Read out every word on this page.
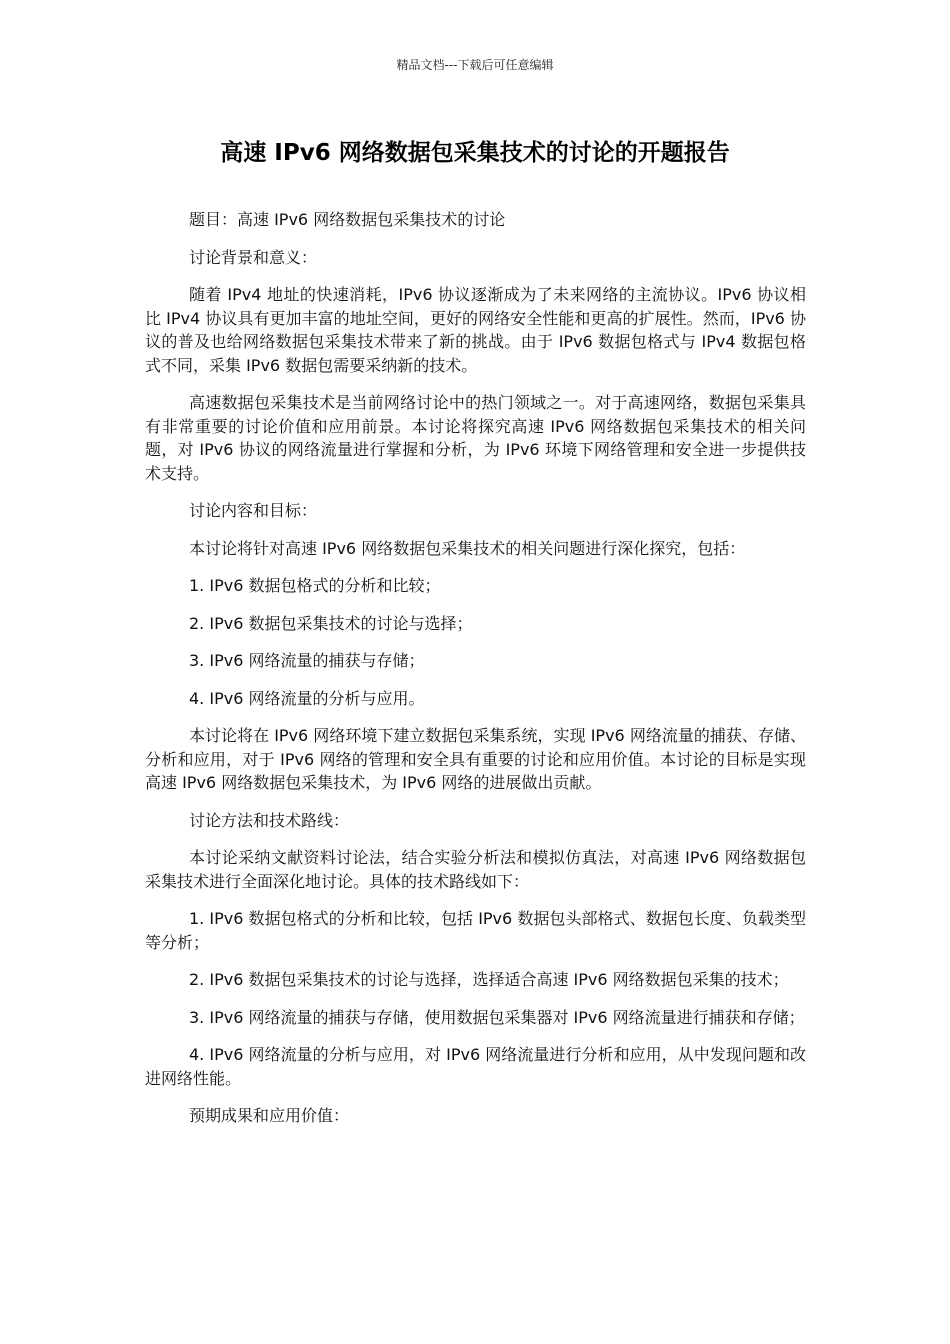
精品文档---下载后可任意编辑
高速 IPv6 网络数据包采集技术的讨论的开题报告

题目：高速 IPv6 网络数据包采集技术的讨论

讨论背景和意义：

随着 IPv4 地址的快速消耗，IPv6 协议逐渐成为了未来网络的主流协议。IPv6 协议相比 IPv4 协议具有更加丰富的地址空间，更好的网络安全性能和更高的扩展性。然而，IPv6 协议的普及也给网络数据包采集技术带来了新的挑战。由于 IPv6 数据包格式与 IPv4 数据包格式不同，采集 IPv6 数据包需要采纳新的技术。

高速数据包采集技术是当前网络讨论中的热门领域之一。对于高速网络，数据包采集具有非常重要的讨论价值和应用前景。本讨论将探究高速 IPv6 网络数据包采集技术的相关问题，对 IPv6 协议的网络流量进行掌握和分析，为 IPv6 环境下网络管理和安全进一步提供技术支持。

讨论内容和目标：

本讨论将针对高速 IPv6 网络数据包采集技术的相关问题进行深化探究，包括：

1. IPv6 数据包格式的分析和比较；

2. IPv6 数据包采集技术的讨论与选择；

3. IPv6 网络流量的捕获与存储；

4. IPv6 网络流量的分析与应用。

本讨论将在 IPv6 网络环境下建立数据包采集系统，实现 IPv6 网络流量的捕获、存储、分析和应用，对于 IPv6 网络的管理和安全具有重要的讨论和应用价值。本讨论的目标是实现高速 IPv6 网络数据包采集技术，为 IPv6 网络的进展做出贡献。

讨论方法和技术路线：

本讨论采纳文献资料讨论法，结合实验分析法和模拟仿真法，对高速 IPv6 网络数据包采集技术进行全面深化地讨论。具体的技术路线如下：

1. IPv6 数据包格式的分析和比较，包括 IPv6 数据包头部格式、数据包长度、负载类型等分析；

2. IPv6 数据包采集技术的讨论与选择，选择适合高速 IPv6 网络数据包采集的技术；

3. IPv6 网络流量的捕获与存储，使用数据包采集器对 IPv6 网络流量进行捕获和存储；

4. IPv6 网络流量的分析与应用，对 IPv6 网络流量进行分析和应用，从中发现问题和改进网络性能。

预期成果和应用价值：
